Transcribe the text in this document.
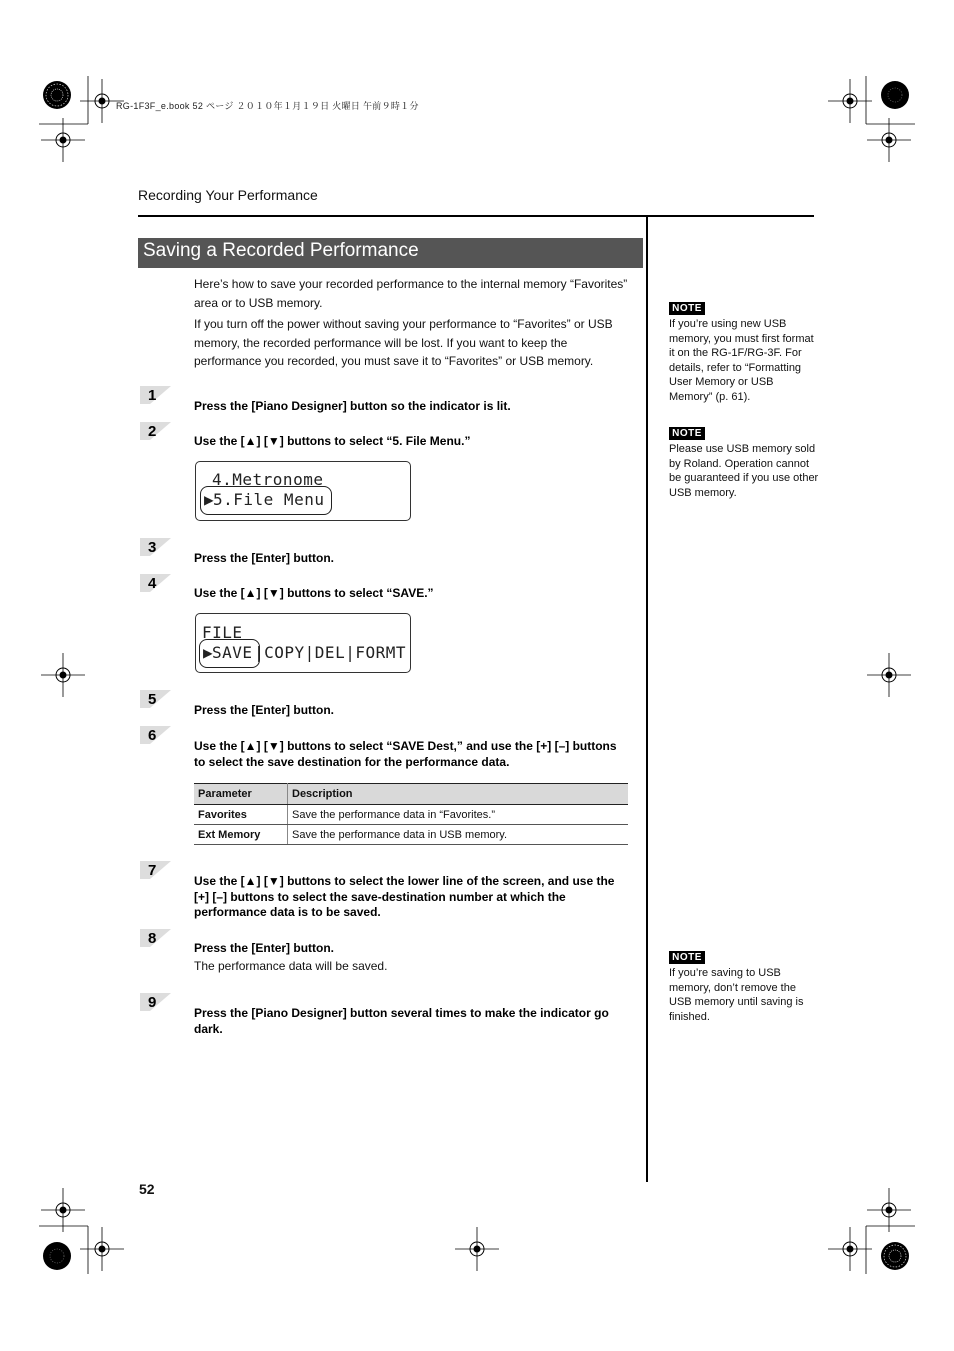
RG-1F3F_e.book 52 ページ ２０１０年１月１９日 火曜日 午前９時１分
Recording Your Performance
Saving a Recorded Performance
Here’s how to save your recorded performance to the internal memory “Favorites” area or to USB memory.
If you turn off the power without saving your performance to “Favorites” or USB memory, the recorded performance will be lost. If you want to keep the performance you recorded, you must save it to “Favorites” or USB memory.
1
Press the [Piano Designer] button so the indicator is lit.
2
Use the [▲] [▼] buttons to select “5. File Menu.”
4.Metronome
▶
5.File Menu
3
Press the [Enter] button.
4
Use the [▲] [▼] buttons to select “SAVE.”
FILE
▶
SAVE |COPY|DEL|FORMT
5
Press the [Enter] button.
6
Use the [▲] [▼] buttons to select “SAVE Dest,” and use the [+] [–] buttons to select the save destination for the performance data.
Parameter	Description
Favorites	Save the performance data in “Favorites.”
Ext Memory	Save the performance data in USB memory.
7
Use the [▲] [▼] buttons to select the lower line of the screen, and use the [+] [–] buttons to select the save-destination number at which the performance data is to be saved.
8
Press the [Enter] button.
The performance data will be saved.
9
Press the [Piano Designer] button several times to make the indicator go dark.
NOTE
If you’re using new USB memory, you must first format it on the RG-1F/RG-3F. For details, refer to “Formatting User Memory or USB Memory” (p. 61).
NOTE
Please use USB memory sold by Roland. Operation cannot be guaranteed if you use other USB memory.
NOTE
If you’re saving to USB memory, don’t remove the USB memory until saving is finished.
52
